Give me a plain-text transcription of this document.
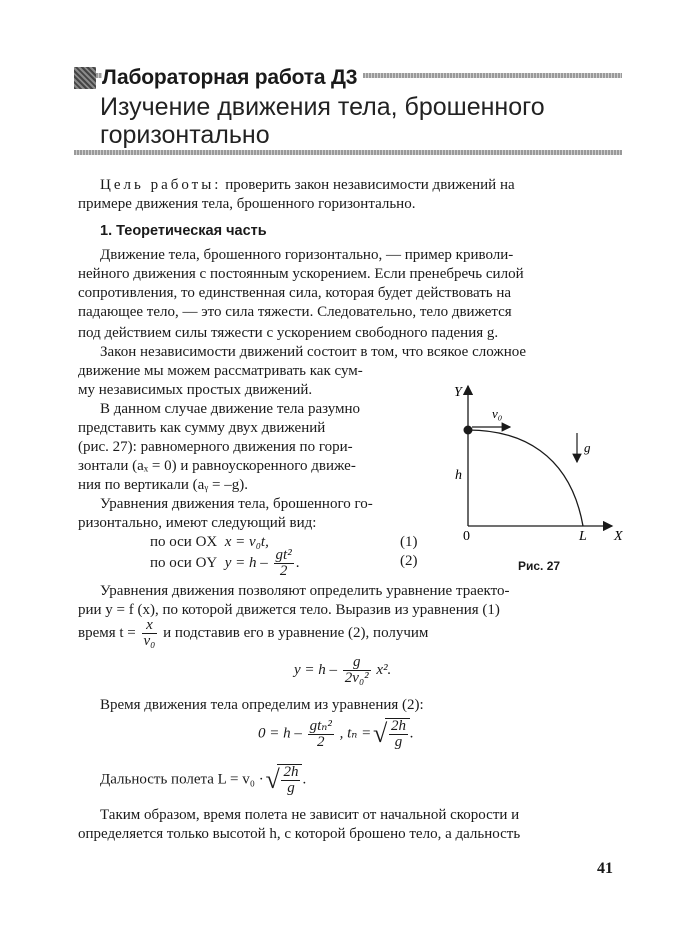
Лабораторная работа Д3
Изучение движения тела, брошенного
горизонтально
Цель работы: проверить закон независимости движений на
примере движения тела, брошенного горизонтально.
1. Теоретическая часть
Движение тела, брошенного горизонтально, — пример криволи-
нейного движения с постоянным ускорением. Если пренебречь силой
сопротивления, то единственная сила, которая будет действовать на
падающее тело, — это сила тяжести. Следовательно, тело движется
под действием силы тяжести с ускорением свободного падения g.
Закон независимости движений состоит в том, что всякое сложное
движение мы можем рассматривать как сум-
му независимых простых движений.
В данном случае движение тела разумно
представить как сумму двух движений
(рис. 27): равномерного движения по гори-
зонтали (aₓ = 0) и равноускоренного движе-
ния по вертикали (aᵧ = –g).
Уравнения движения тела, брошенного го-
ризонтально, имеют следующий вид:
по оси OX x = v₀t,	(1)
по оси OY $y = h - \frac{\text{gt²}}{2}$ .	(2)
Y
X
0	L
h
v₀
g
Рис. 27
Уравнения движения позволяют определить уравнение траекто-
рии y = f (x), по которой движется тело. Выразив из уравнения (1)
время $t = \frac{x}{\text{v₀}}$ и подставив его в уравнение (2), получим
$y = h - \frac{g}{\text{2v₀²}} x^2$.
Время движения тела определим из уравнения (2):
$0 = h - \frac{\text{gtₙ²}}{2}$ , tₙ = √ $\frac{2h}{g}$ .
Дальность полета L = v₀ · √ $\frac{2h}{g}$ .
Таким образом, время полета не зависит от начальной скорости и
определяется только высотой h, с которой брошено тело, а дальность
41
